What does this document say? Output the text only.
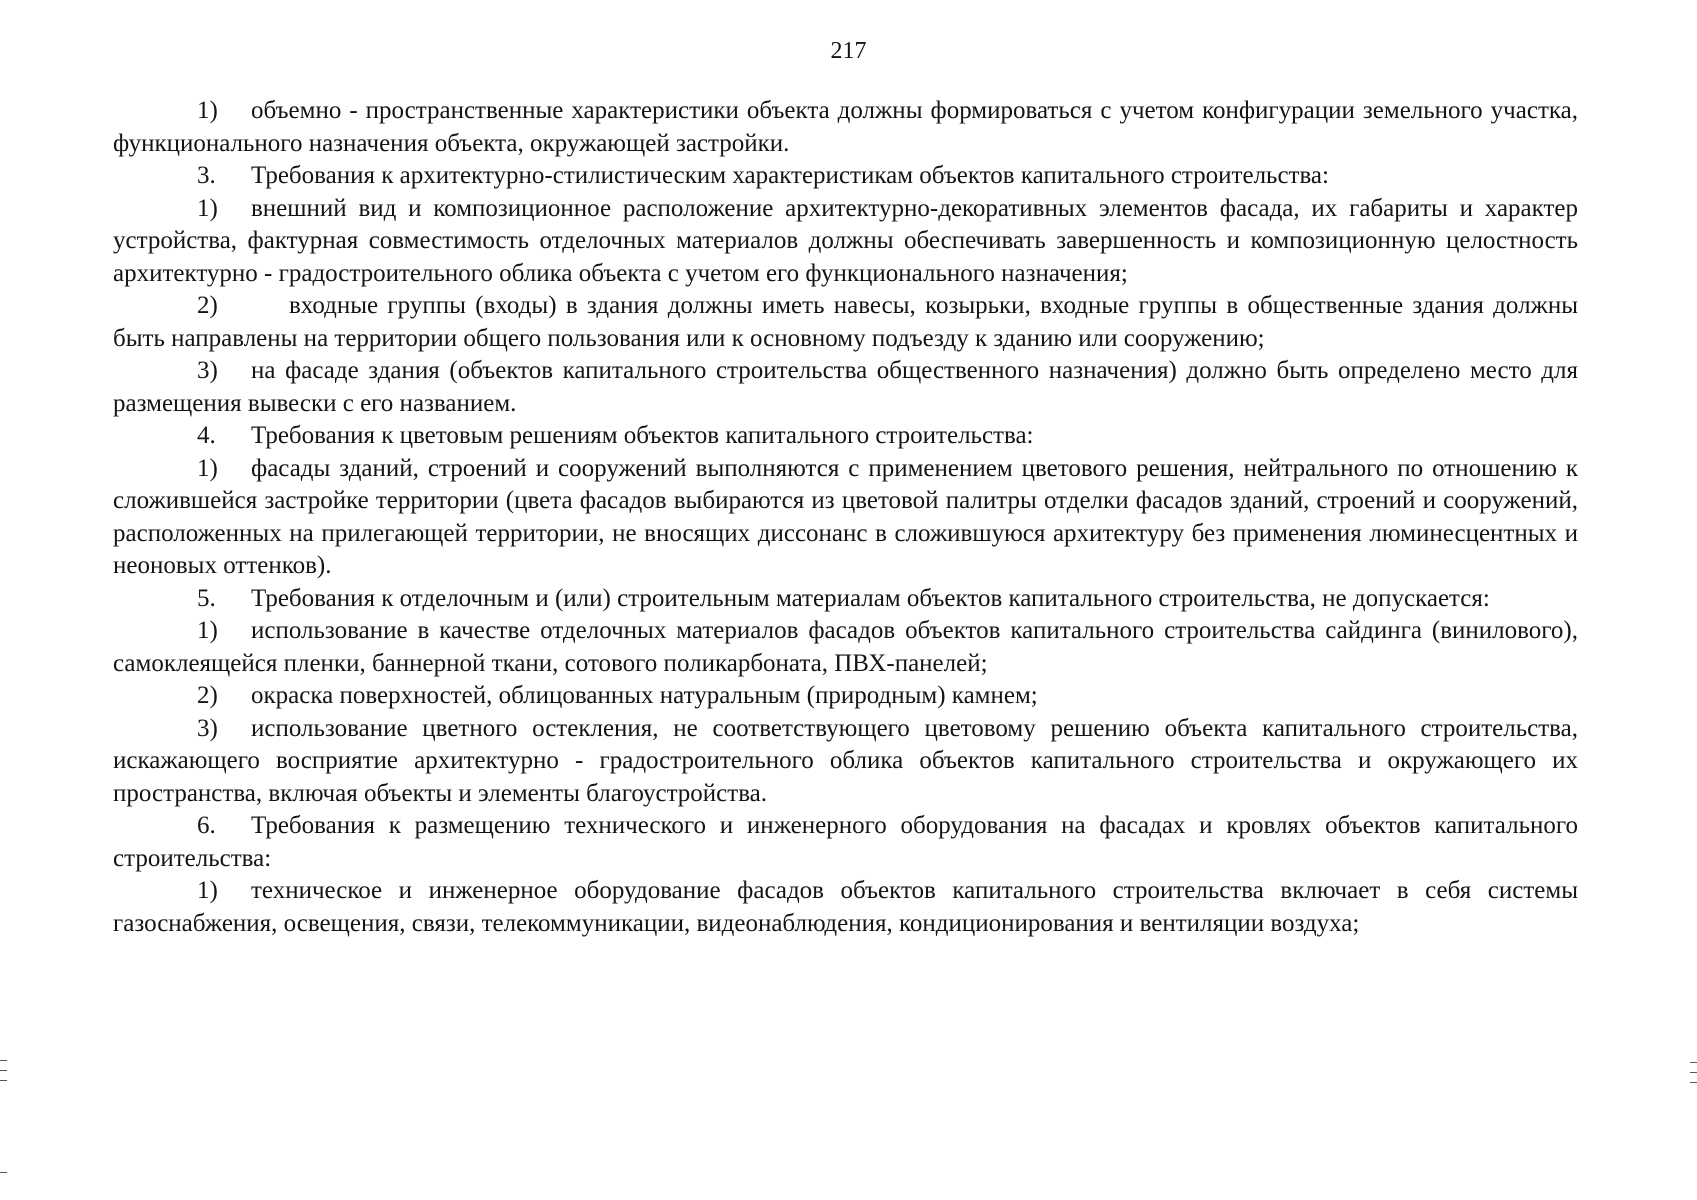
217

1) объемно - пространственные характеристики объекта должны формироваться с учетом конфигурации земельного участка, функционального назначения объекта, окружающей застройки.

3. Требования к архитектурно-стилистическим характеристикам объектов капитального строительства:

1) внешний вид и композиционное расположение архитектурно-декоративных элементов фасада, их габариты и характер устройства, фактурная совместимость отделочных материалов должны обеспечивать завершенность и композиционную целостность архитектурно - градостроительного облика объекта с учетом его функционального назначения;

2)	входные группы (входы) в здания должны иметь навесы, козырьки, входные группы в общественные здания должны быть направлены на территории общего пользования или к основному подъезду к зданию или сооружению;

3) на фасаде здания (объектов капитального строительства общественного назначения) должно быть определено место для размещения вывески с его названием.

4. Требования к цветовым решениям объектов капитального строительства:

1) фасады зданий, строений и сооружений выполняются с применением цветового решения, нейтрального по отношению к сложившейся застройке территории (цвета фасадов выбираются из цветовой палитры отделки фасадов зданий, строений и сооружений, расположенных на прилегающей территории, не вносящих диссонанс в сложившуюся архитектуру без применения люминесцентных и неоновых оттенков).

5. Требования к отделочным и (или) строительным материалам объектов капитального строительства, не допускается:

1) использование в качестве отделочных материалов фасадов объектов капитального строительства сайдинга (винилового), самоклеящейся пленки, баннерной ткани, сотового поликарбоната, ПВХ-панелей;

2) окраска поверхностей, облицованных натуральным (природным) камнем;

3) использование цветного остекления, не соответствующего цветовому решению объекта капитального строительства, искажающего восприятие архитектурно - градостроительного облика объектов капитального строительства и окружающего их пространства, включая объекты и элементы благоустройства.

6. Требования к размещению технического и инженерного оборудования на фасадах и кровлях объектов капитального строительства:

1) техническое и инженерное оборудование фасадов объектов капитального строительства включает в себя системы газоснабжения, освещения, связи, телекоммуникации, видеонаблюдения, кондиционирования и вентиляции воздуха;
